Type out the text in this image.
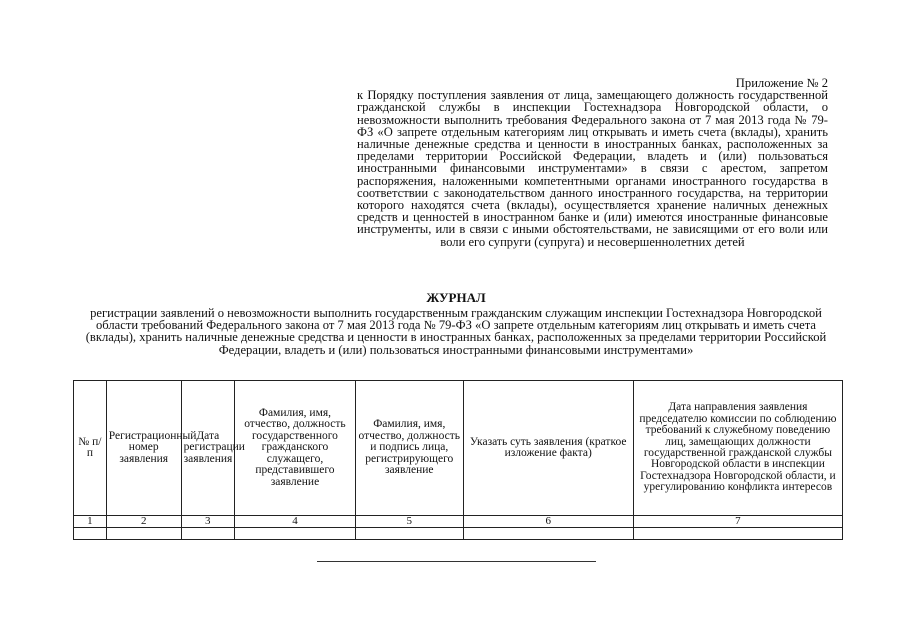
Приложение № 2
к Порядку поступления заявления от лица, замещающего должность государственной гражданской службы в инспекции Гостехнадзора Новгородской области, о невозможности выполнить требования Федерального закона от 7 мая 2013 года № 79-ФЗ «О запрете отдельным категориям лиц открывать и иметь счета (вклады), хранить наличные денежные средства и ценности в иностранных банках, расположенных за пределами территории Российской Федерации, владеть и (или) пользоваться иностранными финансовыми инструментами» в связи с арестом, запретом распоряжения, наложенными компетентными органами иностранного государства в соответствии с законодательством данного иностранного государства, на территории которого находятся счета (вклады), осуществляется хранение наличных денежных средств и ценностей в иностранном банке и (или) имеются иностранные финансовые инструменты, или в связи с иными обстоятельствами, не зависящими от его воли или воли его супруги (супруга) и несовершеннолетних детей
ЖУРНАЛ
регистрации заявлений о невозможности выполнить государственным гражданским служащим инспекции Гостехнадзора Новгородской области требований Федерального закона от 7 мая 2013 года № 79-ФЗ «О запрете отдельным категориям лиц открывать и иметь счета (вклады), хранить наличные денежные средства и ценности в иностранных банках, расположенных за пределами территории Российской Федерации, владеть и (или) пользоваться иностранными финансовыми инструментами»
№ п/п	Регистрационный номер заявления	Дата регистрации заявления	Фамилия, имя, отчество, должность государственного гражданского служащего, представившего заявление	Фамилия, имя, отчество, должность и подпись лица, регистрирующего заявление	Указать суть заявления (краткое изложение факта)	Дата направления заявления председателю комиссии по соблюдению требований к служебному поведению лиц, замещающих должности государственной гражданской службы Новгородской области в инспекции Гостехнадзора Новгородской области, и урегулированию конфликта интересов
1	2	3	4	5	6	7
